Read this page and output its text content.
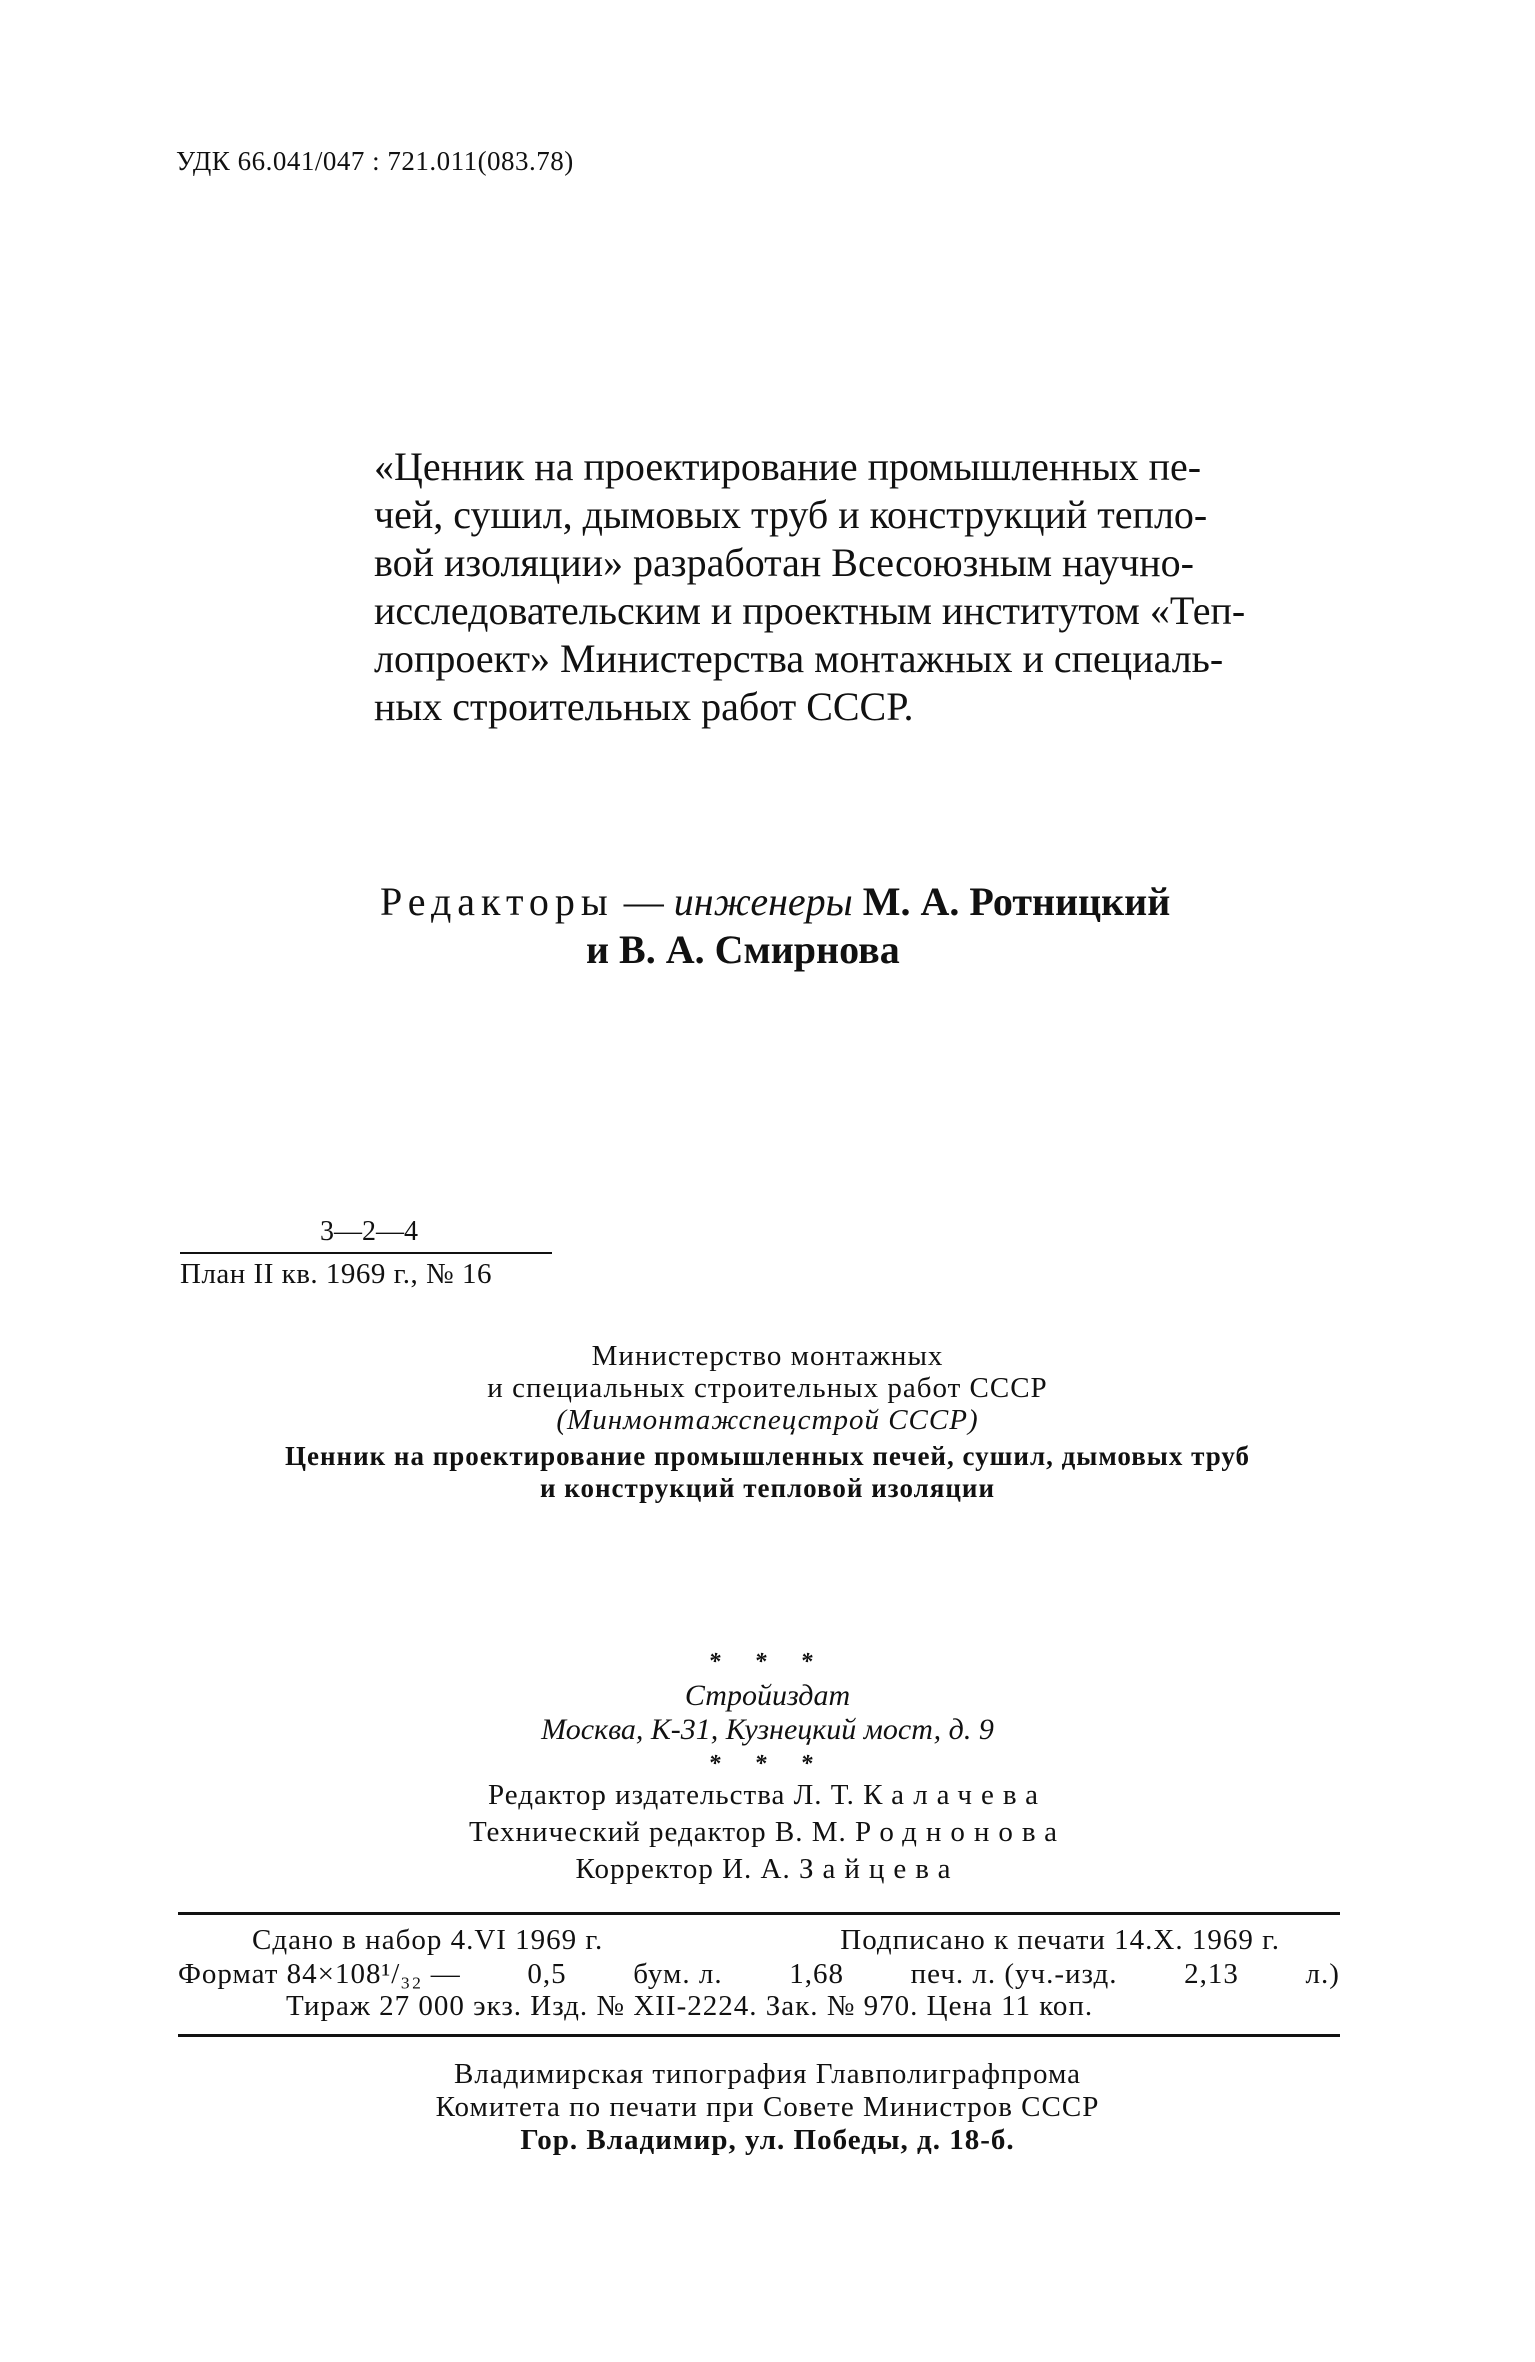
УДК 66.041/047 : 721.011(083.78)
«Ценник на проектирование промышленных пе-
чей, сушил, дымовых труб и конструкций тепло-
вой изоляции» разработан Всесоюзным научно-
исследовательским и проектным институтом «Теп-
лопроект» Министерства монтажных и специаль-
ных строительных работ СССР.
Редакторы — инженеры М. А. Ротницкий
и В. А. Смирнова
3—2—4
План II кв. 1969 г., № 16
Министерство монтажных
и специальных строительных работ СССР
(Минмонтажспецстрой СССР)
Ценник на проектирование промышленных печей, сушил, дымовых труб
и конструкций тепловой изоляции
* * *
Стройиздат
Москва, К-31, Кузнецкий мост, д. 9
* * *
Редактор издательства Л. Т. Калачева
Технический редактор В. М. Роднонова
Корректор И. А. Зайцева
Сдано в набор 4.VI 1969 г.	Подписано к печати 14.X. 1969 г.
Формат 84×108¹/₃₂ — 0,5 бум. л. 1,68 печ. л. (уч.-изд. 2,13 л.)
Тираж 27 000 экз. Изд. № XII-2224. Зак. № 970. Цена 11 коп.
Владимирская типография Главполиграфпрома
Комитета по печати при Совете Министров СССР
Гор. Владимир, ул. Победы, д. 18-б.
